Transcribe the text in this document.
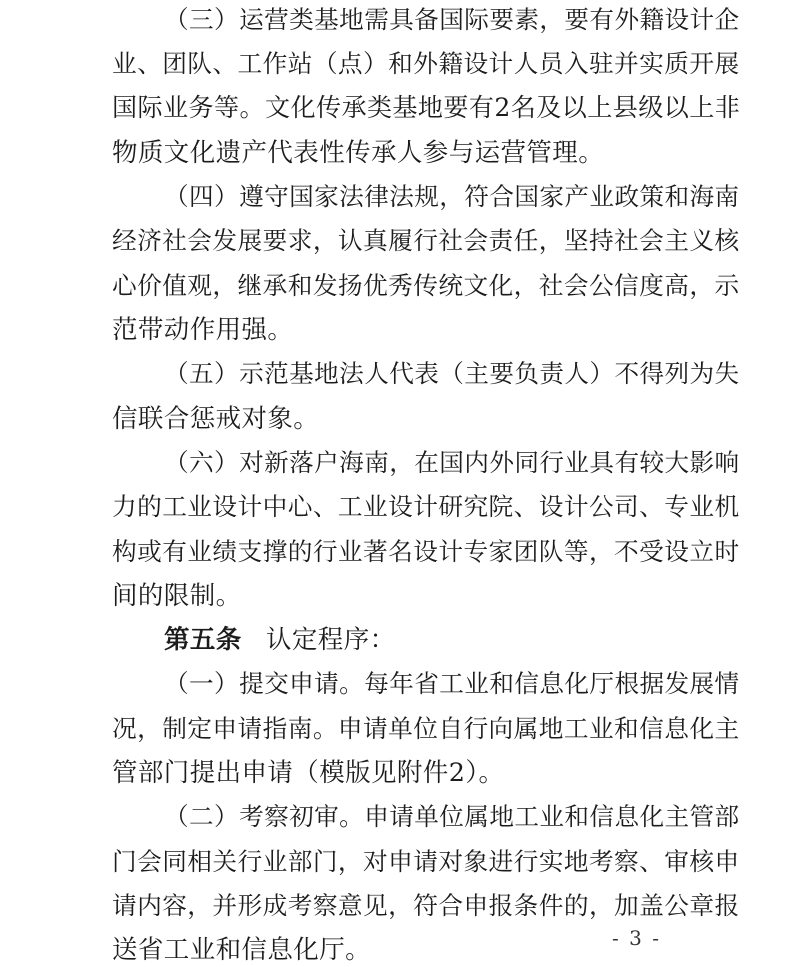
（三）运营类基地需具备国际要素，要有外籍设计企
业、团队、工作站（点）和外籍设计人员入驻并实质开展
国际业务等。文化传承类基地要有2名及以上县级以上非
物质文化遗产代表性传承人参与运营管理。
（四）遵守国家法律法规，符合国家产业政策和海南
经济社会发展要求，认真履行社会责任，坚持社会主义核
心价值观，继承和发扬优秀传统文化，社会公信度高，示
范带动作用强。
（五）示范基地法人代表（主要负责人）不得列为失
信联合惩戒对象。
（六）对新落户海南，在国内外同行业具有较大影响
力的工业设计中心、工业设计研究院、设计公司、专业机
构或有业绩支撑的行业著名设计专家团队等，不受设立时
间的限制。
第五条 认定程序：
（一）提交申请。每年省工业和信息化厅根据发展情
况，制定申请指南。申请单位自行向属地工业和信息化主
管部门提出申请（模版见附件2）。
（二）考察初审。申请单位属地工业和信息化主管部
门会同相关行业部门，对申请对象进行实地考察、审核申
请内容，并形成考察意见，符合申报条件的，加盖公章报
送省工业和信息化厅。	- 3 -
